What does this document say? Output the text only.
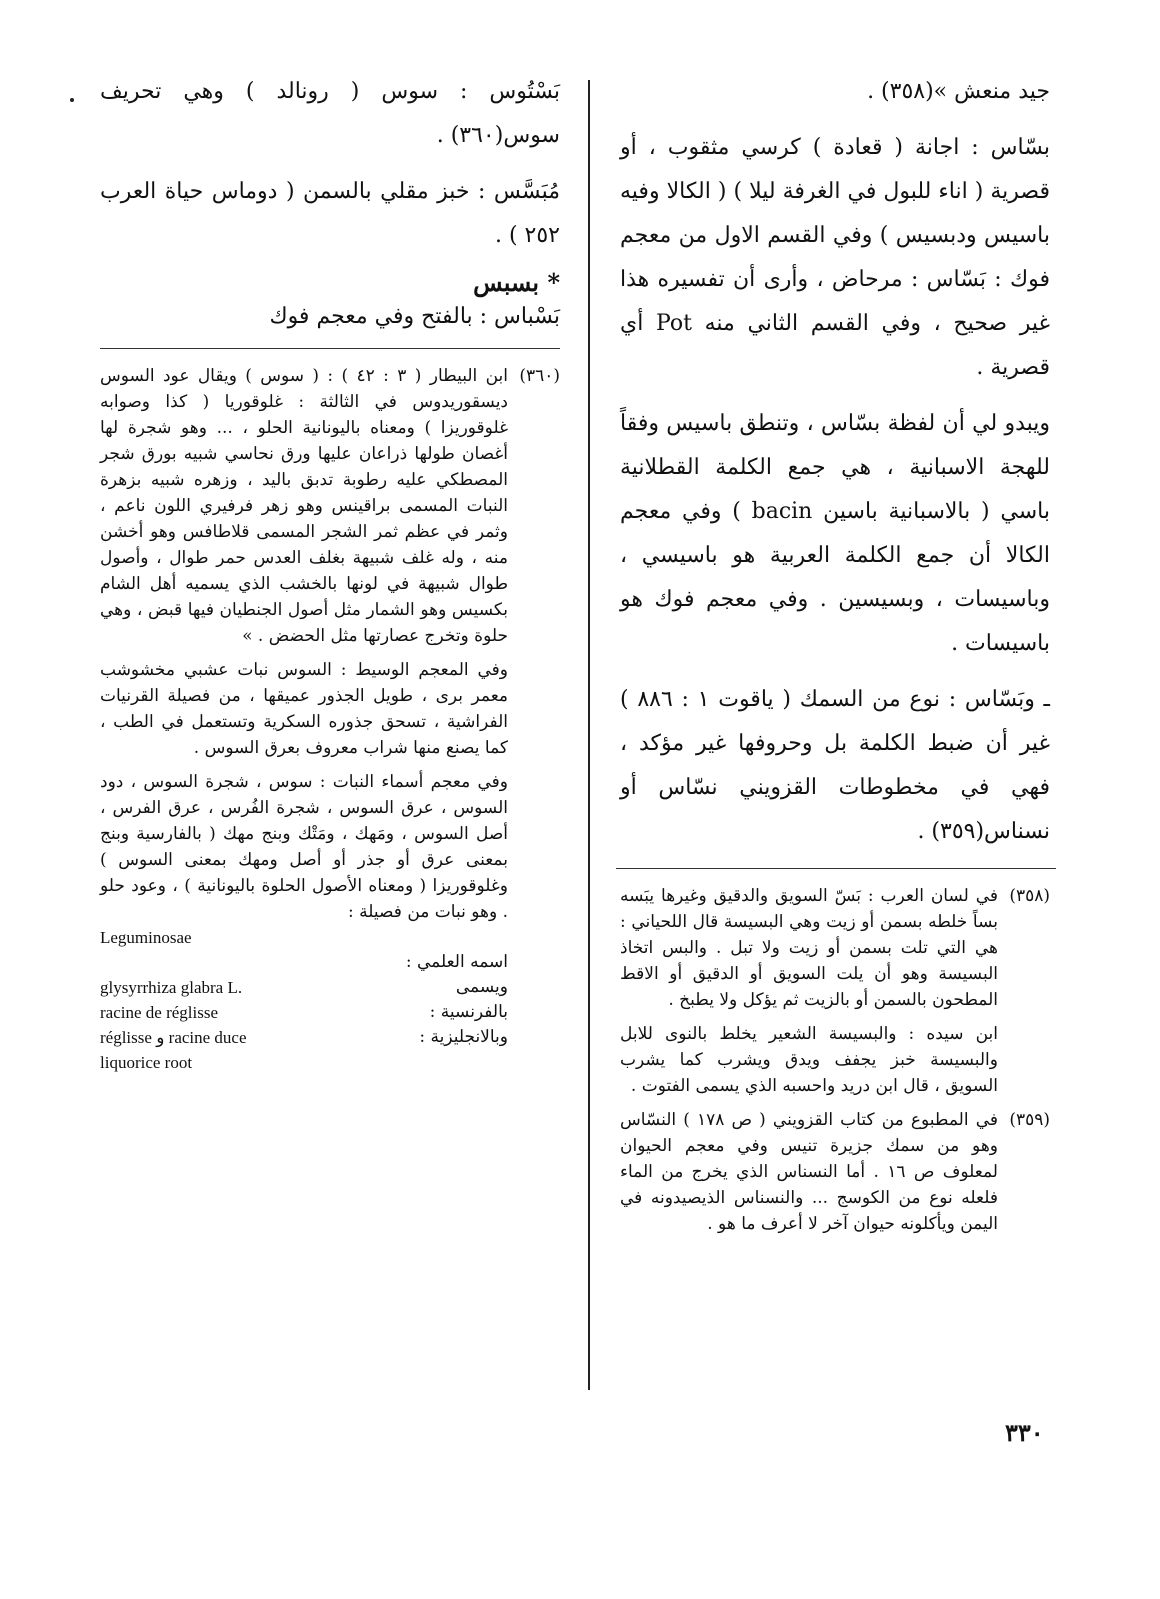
جيد منعش »(٣٥٨) .

بسّاس : اجانة ( قعادة ) كرسي مثقوب ، أو قصرية ( اناء للبول في الغرفة ليلا ) ( الكالا وفيه باسيس ودبسيس ) وفي القسم الاول من معجم فوك : بَسّاس : مرحاض ، وأرى أن تفسيره هذا غير صحيح ، وفي القسم الثاني منه Pot أي قصرية .

ويبدو لي أن لفظة بسّاس ، وتنطق باسيس وفقاً للهجة الاسبانية ، هي جمع الكلمة القطلانية باسي ( بالاسبانية باسين bacin ) وفي معجم الكالا أن جمع الكلمة العربية هو باسيسي ، وباسيسات ، وبسيسين . وفي معجم فوك هو باسيسات .

ـ وبَسّاس : نوع من السمك ( ياقوت ١ : ٨٨٦ ) غير أن ضبط الكلمة بل وحروفها غير مؤكد ، فهي في مخطوطات القزويني نسّاس أو نسناس(٣٥٩) .

(٣٥٨)
في لسان العرب : بَسّ السويق والدقيق وغيرها يبَسه بساً خلطه بسمن أو زيت وهي البسيسة قال اللحياني : هي التي تلت بسمن أو زيت ولا تبل . والبس اتخاذ البسيسة وهو أن يلت السويق أو الدقيق أو الاقط المطحون بالسمن أو بالزيت ثم يؤكل ولا يطبخ .
ابن سيده : والبسيسة الشعير يخلط بالنوى للابل والبسيسة خبز يجفف ويدق ويشرب كما يشرب السويق ، قال ابن دريد واحسبه الذي يسمى الفتوت .
(٣٥٩)
في المطبوع من كتاب القزويني ( ص ١٧٨ ) النسّاس وهو من سمك جزيرة تنيس وفي معجم الحيوان لمعلوف ص ١٦ . أما النسناس الذي يخرج من الماء فلعله نوع من الكوسج ... والنسناس الذيصيدونه في اليمن ويأكلونه حيوان آخر لا أعرف ما هو .

بَسْتُوس : سوس ( رونالد ) وهي تحريف سوس(٣٦٠) .

مُبَسَّس : خبز مقلي بالسمن ( دوماس حياة العرب ٢٥٢ ) .

* بسبس

بَسْباس : بالفتح وفي معجم فوك

(٣٦٠)
ابن البيطار ( ٣ : ٤٢ ) : ( سوس ) ويقال عود السوس ديسقوريدوس في الثالثة : غلوقوريا ( كذا وصوابه غلوقوريزا ) ومعناه باليونانية الحلو ، ... وهو شجرة لها أغصان طولها ذراعان عليها ورق نحاسي شبيه بورق شجر المصطكي عليه رطوبة تدبق باليد ، وزهره شبيه بزهرة النبات المسمى براقينس وهو زهر فرفيري اللون ناعم ، وثمر في عظم ثمر الشجر المسمى قلاطافس وهو أخشن منه ، وله غلف شبيهة بغلف العدس حمر طوال ، وأصول طوال شبيهة في لونها بالخشب الذي يسميه أهل الشام بكسيس وهو الشمار مثل أصول الجنطيان فيها قبض ، وهي حلوة وتخرج عصارتها مثل الحضض . »
وفي المعجم الوسيط : السوس نبات عشبي مخشوشب معمر برى ، طويل الجذور عميقها ، من فصيلة القرنيات الفراشية ، تسحق جذوره السكرية وتستعمل في الطب ، كما يصنع منها شراب معروف بعرق السوس .
وفي معجم أسماء النبات : سوس ، شجرة السوس ، دود السوس ، عرق السوس ، شجرة الفُرس ، عرق الفرس ، أصل السوس ، ومَهك ، ومَتْك وبنج مهك ( بالفارسية وبنج بمعنى عرق أو جذر أو أصل ومهك بمعنى السوس ) وغلوقوريزا ( ومعناه الأصول الحلوة باليونانية ) ، وعود حلو . وهو نبات من فصيلة :
Leguminosae
اسمه العلمي :
ويسمى
glysyrrhiza glabra L.
بالفرنسية :
racine de réglisse
وبالانجليزية :
réglisse و racine duce
liquorice root
٣٣٠
